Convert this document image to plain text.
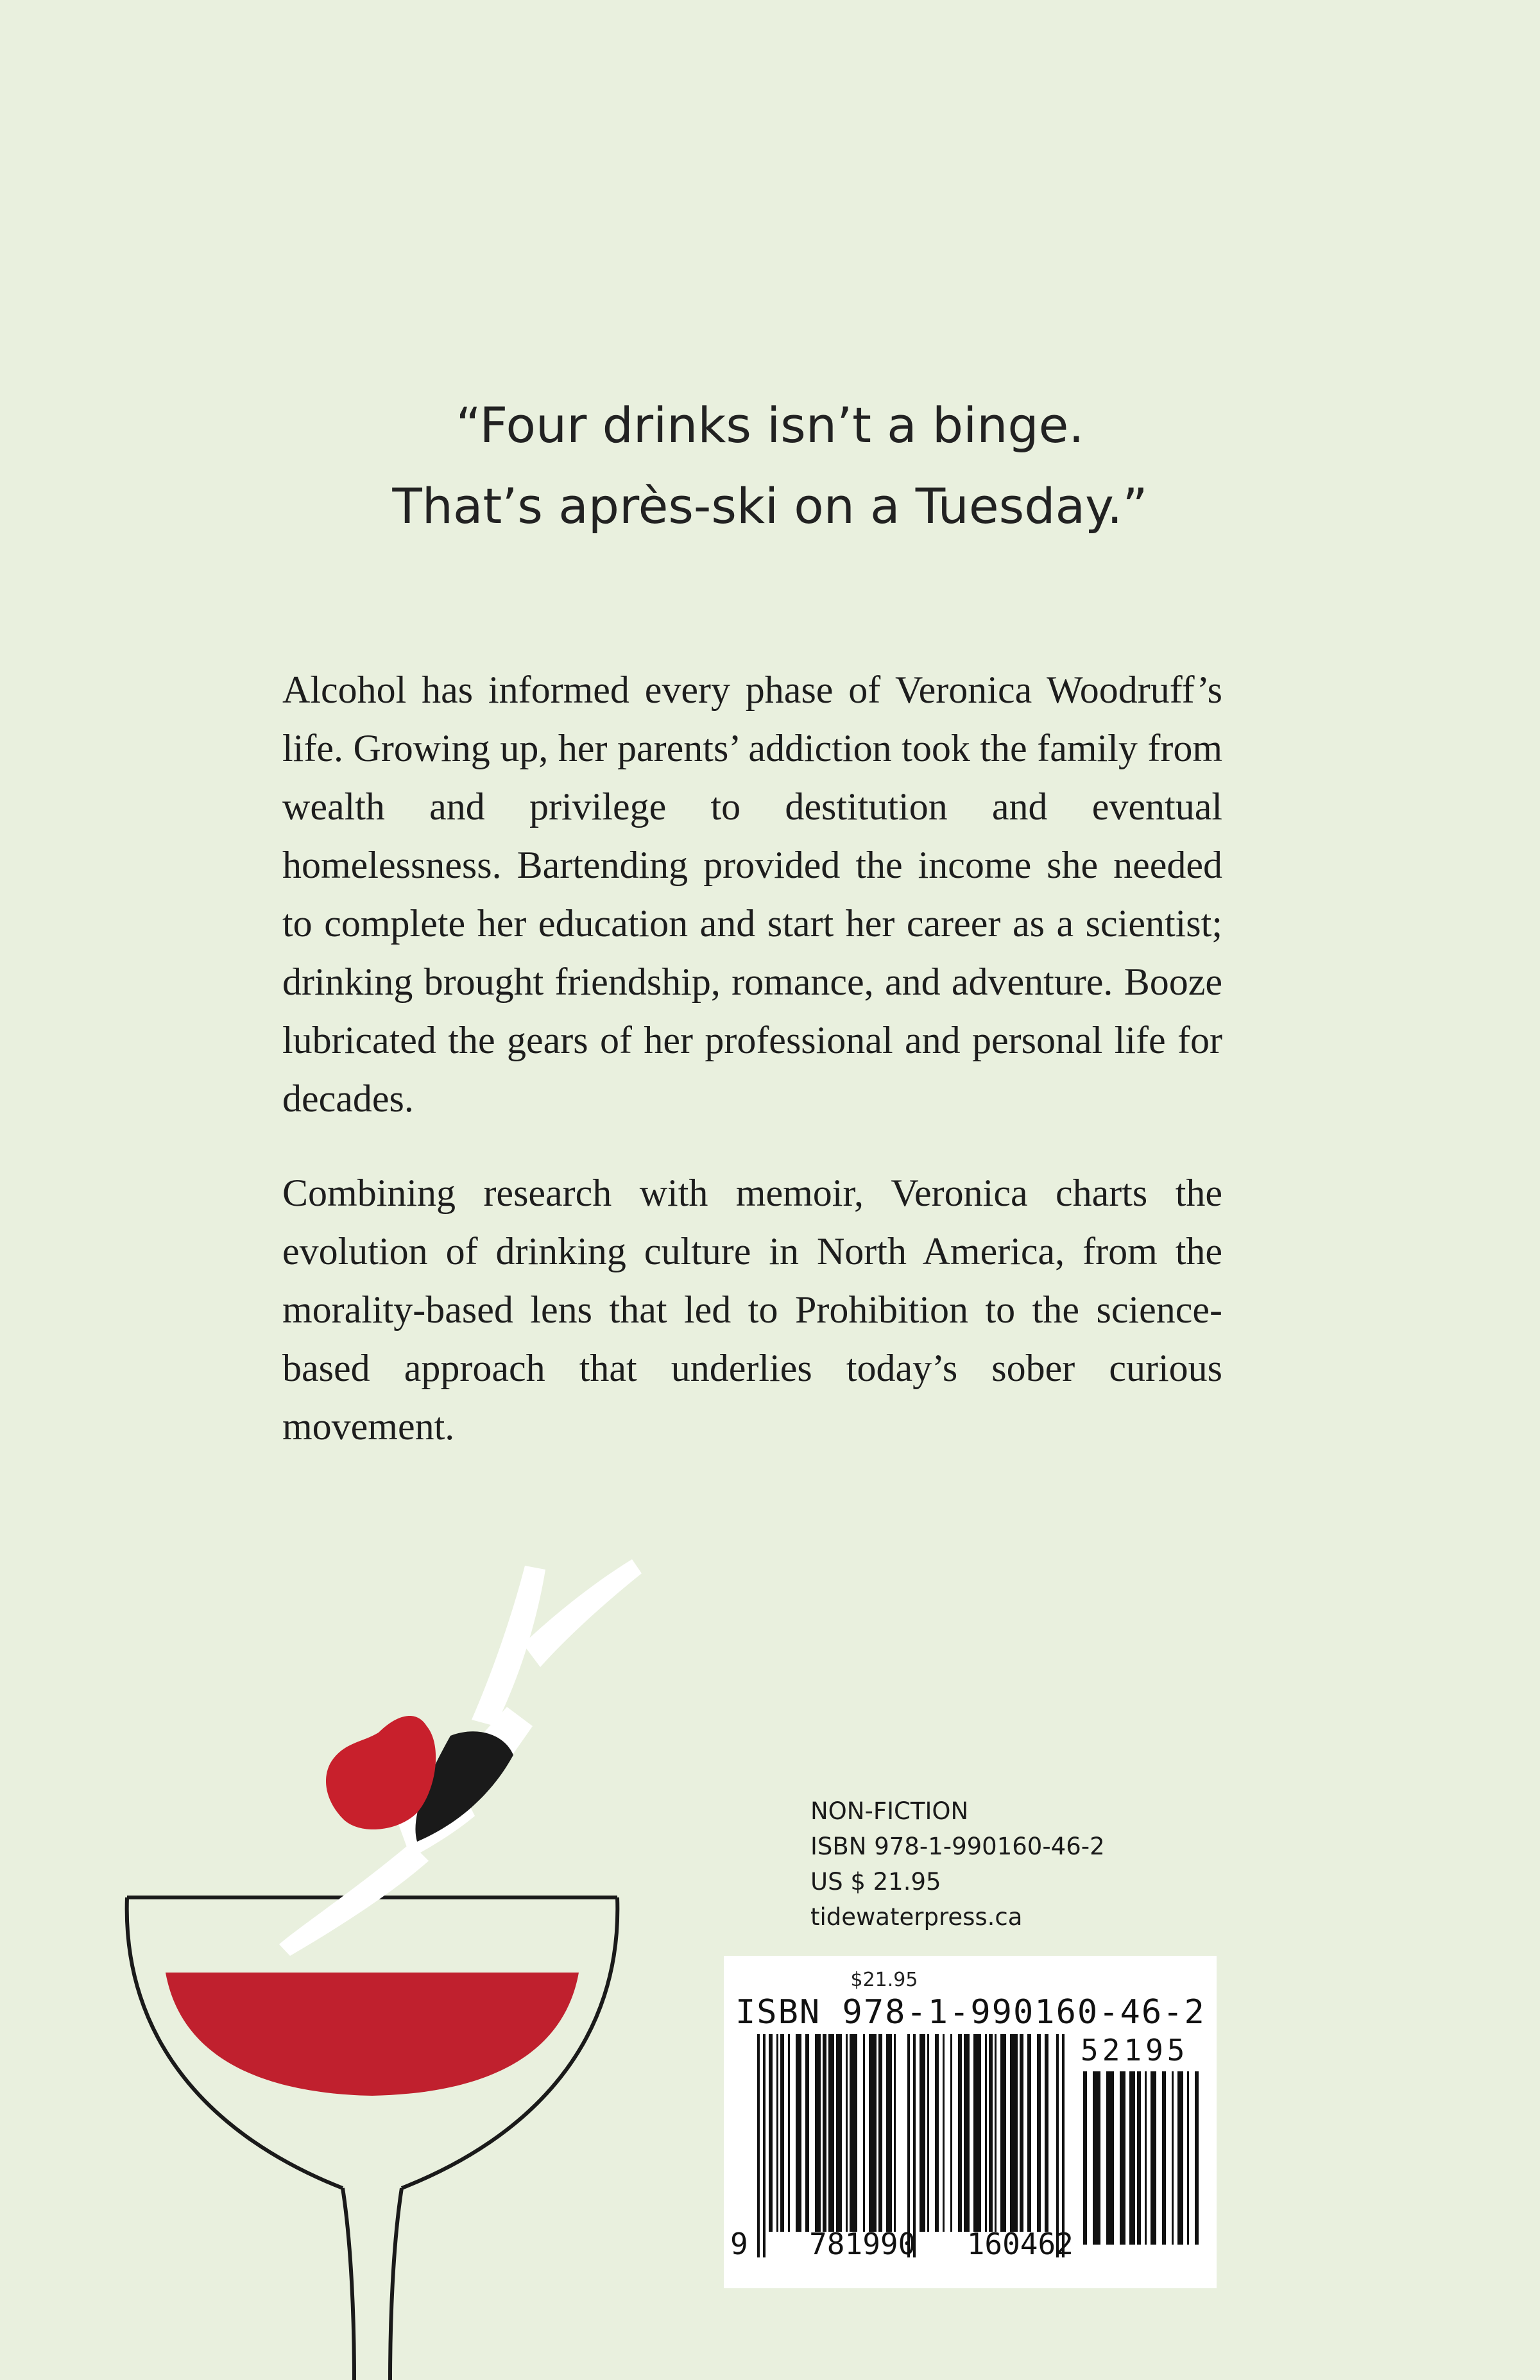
“Four drinks isn’t a binge.
That’s après-ski on a Tuesday.”

Alcohol has informed every phase of Veronica Woodruff’s life. Growing up, her parents’ addiction took the family from wealth and privilege to destitution and eventual homelessness. Bartending provided the income she needed to complete her education and start her career as a scientist; drinking brought friendship, romance, and adventure. Booze lubricated the gears of her professional and personal life for decades.

Combining research with memoir, Veronica charts the evolution of drinking culture in North America, from the morality-based lens that led to Prohibition to the science-based approach that underlies today’s sober curious movement.

NON-FICTION
ISBN 978-1-990160-46-2
US $ 21.95
tidewaterpress.ca
$21.95
ISBN 978-1-990160-46-2
52195
9 781990 160462
